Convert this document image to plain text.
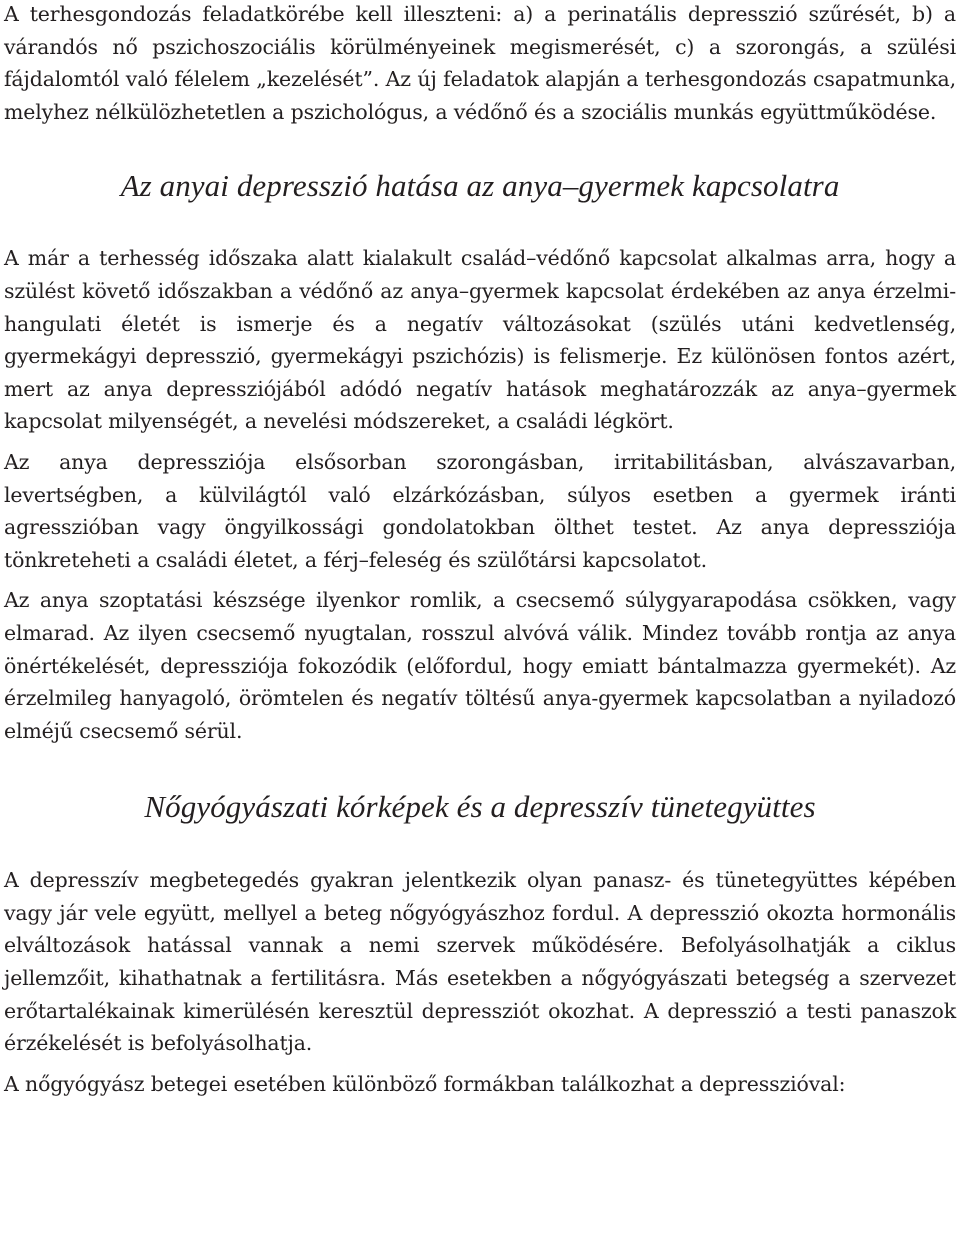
A terhesgondozás feladatkörébe kell illeszteni: a) a perinatális depresszió szűrését, b) a várandós nő pszichoszociális körülményeinek megismerését, c) a szorongás, a szülési fájdalomtól való félelem „kezelését”. Az új feladatok alapján a terhesgondozás csapatmunka, melyhez nélkülözhetetlen a pszichológus, a védőnő és a szociális munkás együttműködése.

Az anyai depresszió hatása az anya–gyermek kapcsolatra

A már a terhesség időszaka alatt kialakult család–védőnő kapcsolat alkalmas arra, hogy a szülést követő időszakban a védőnő az anya–gyermek kapcsolat érdekében az anya érzelmi-hangulati életét is ismerje és a negatív változásokat (szülés utáni kedvetlenség, gyermekágyi depresszió, gyermekágyi pszichózis) is felismerje. Ez különösen fontos azért, mert az anya depressziójából adódó negatív hatások meghatározzák az anya–gyermek kapcsolat milyenségét, a nevelési módszereket, a családi légkört.

Az anya depressziója elsősorban szorongásban, irritabilitásban, alvászavarban, levertségben, a külvilágtól való elzárkózásban, súlyos esetben a gyermek iránti agresszióban vagy öngyilkossági gondolatokban ölthet testet. Az anya depressziója tönkreteheti a családi életet, a férj–feleség és szülőtársi kapcsolatot.

Az anya szoptatási készsége ilyenkor romlik, a csecsemő súlygyarapodása csökken, vagy elmarad. Az ilyen csecsemő nyugtalan, rosszul alvóvá válik. Mindez tovább rontja az anya önértékelését, depressziója fokozódik (előfordul, hogy emiatt bántalmazza gyermekét). Az érzelmileg hanyagoló, örömtelen és negatív töltésű anya-gyermek kapcsolatban a nyiladozó elméjű csecsemő sérül.

Nőgyógyászati kórképek és a depresszív tünetegyüttes

A depresszív megbetegedés gyakran jelentkezik olyan panasz- és tünetegyüttes képében vagy jár vele együtt, mellyel a beteg nőgyógyászhoz fordul. A depresszió okozta hormonális elváltozások hatással vannak a nemi szervek működésére. Befolyásolhatják a ciklus jellemzőit, kihathatnak a fertilitásra. Más esetekben a nőgyógyászati betegség a szervezet erőtartalékainak kimerülésén keresztül depressziót okozhat. A depresszió a testi panaszok érzékelését is befolyásolhatja.

A nőgyógyász betegei esetében különböző formákban találkozhat a depresszióval:
